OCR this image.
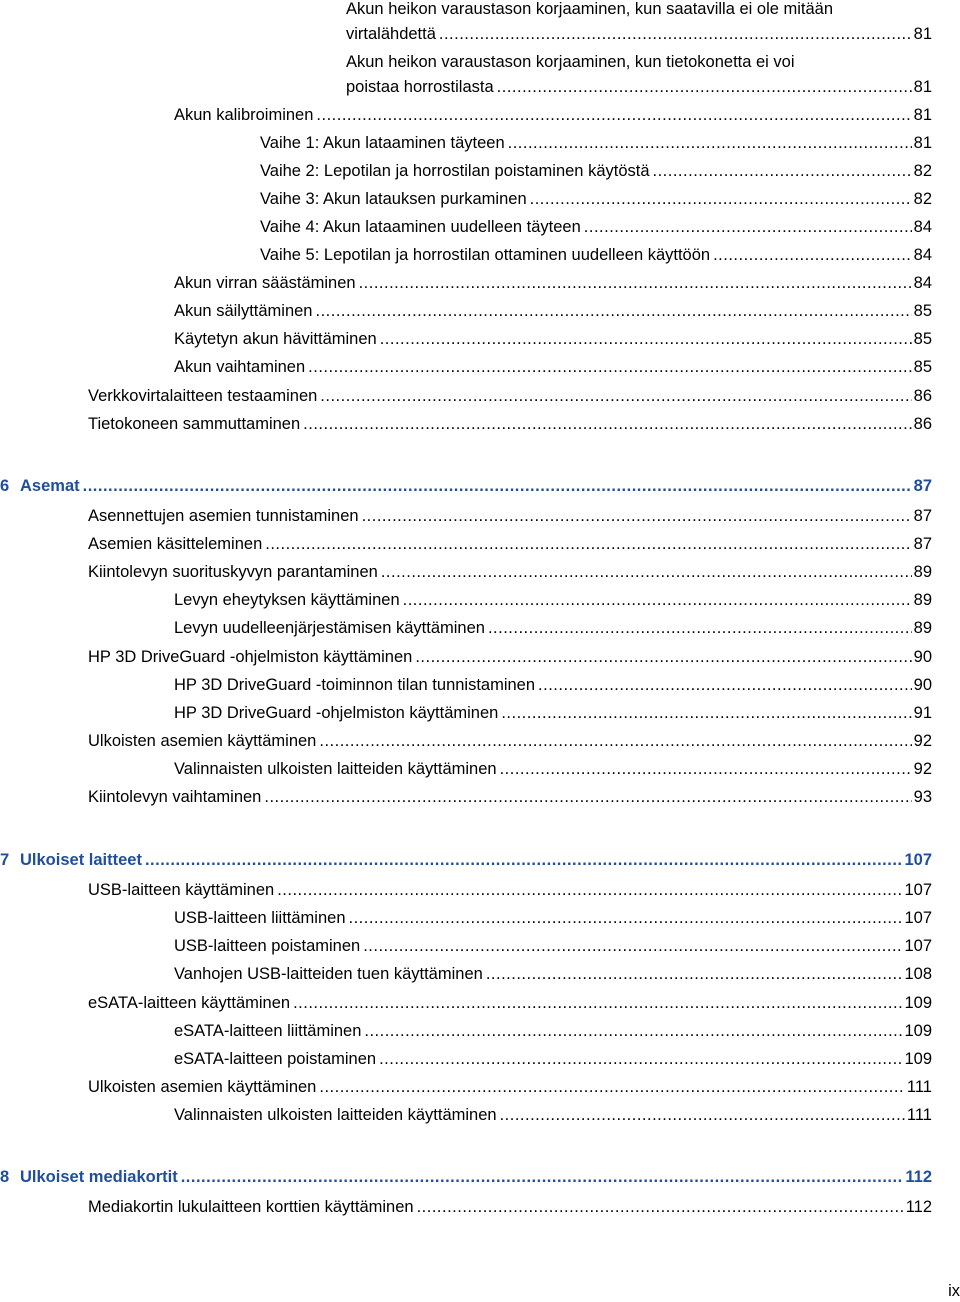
Akun heikon varaustason korjaaminen, kun saatavilla ei ole mitään
virtalähdettä .....	81
Akun heikon varaustason korjaaminen, kun tietokonetta ei voi
poistaa horrostilasta .....	81
Akun kalibroiminen .....	81
Vaihe 1: Akun lataaminen täyteen .....	81
Vaihe 2: Lepotilan ja horrostilan poistaminen käytöstä .....	82
Vaihe 3: Akun latauksen purkaminen .....	82
Vaihe 4: Akun lataaminen uudelleen täyteen .....	84
Vaihe 5: Lepotilan ja horrostilan ottaminen uudelleen käyttöön .....	84
Akun virran säästäminen .....	84
Akun säilyttäminen .....	85
Käytetyn akun hävittäminen .....	85
Akun vaihtaminen .....	85
Verkkovirtalaitteen testaaminen .....	86
Tietokoneen sammuttaminen .....	86
6 Asemat .....	87
Asennettujen asemien tunnistaminen .....	87
Asemien käsitteleminen .....	87
Kiintolevyn suorituskyvyn parantaminen .....	89
Levyn eheytyksen käyttäminen .....	89
Levyn uudelleenjärjestämisen käyttäminen .....	89
HP 3D DriveGuard -ohjelmiston käyttäminen .....	90
HP 3D DriveGuard -toiminnon tilan tunnistaminen .....	90
HP 3D DriveGuard -ohjelmiston käyttäminen .....	91
Ulkoisten asemien käyttäminen .....	92
Valinnaisten ulkoisten laitteiden käyttäminen .....	92
Kiintolevyn vaihtaminen .....	93
7 Ulkoiset laitteet .....	107
USB-laitteen käyttäminen .....	107
USB-laitteen liittäminen .....	107
USB-laitteen poistaminen .....	107
Vanhojen USB-laitteiden tuen käyttäminen .....	108
eSATA-laitteen käyttäminen .....	109
eSATA-laitteen liittäminen .....	109
eSATA-laitteen poistaminen .....	109
Ulkoisten asemien käyttäminen .....	111
Valinnaisten ulkoisten laitteiden käyttäminen .....	111
8 Ulkoiset mediakortit .....	112
Mediakortin lukulaitteen korttien käyttäminen .....	112
ix
